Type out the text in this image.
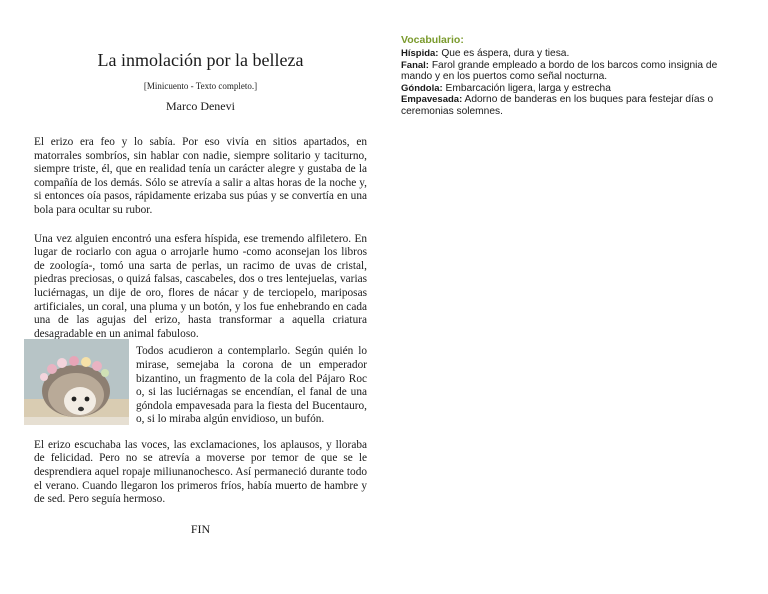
La inmolación por la belleza
[Minicuento - Texto completo.]
Marco Denevi

El erizo era feo y lo sabía. Por eso vivía en sitios apartados, en matorrales sombríos, sin hablar con nadie, siempre solitario y taciturno, siempre triste, él, que en realidad tenía un carácter alegre y gustaba de la compañía de los demás. Sólo se atrevía a salir a altas horas de la noche y, si entonces oía pasos, rápidamente erizaba sus púas y se convertía en una bola para ocultar su rubor.

Una vez alguien encontró una esfera híspida, ese tremendo alfiletero. En lugar de rociarlo con agua o arrojarle humo -como aconsejan los libros de zoología-, tomó una sarta de perlas, un racimo de uvas de cristal, piedras preciosas, o quizá falsas, cascabeles, dos o tres lentejuelas, varias luciérnagas, un dije de oro, flores de nácar y de terciopelo, mariposas artificiales, un coral, una pluma y un botón, y los fue enhebrando en cada una de las agujas del erizo, hasta transformar a aquella criatura desagradable en un animal fabuloso.

Todos acudieron a contemplarlo. Según quién lo mirase, semejaba la corona de un emperador bizantino, un fragmento de la cola del Pájaro Roc o, si las luciérnagas se encendían, el fanal de una góndola empavesada para la fiesta del Bucentauro, o, si lo miraba algún envidioso, un bufón.

El erizo escuchaba las voces, las exclamaciones, los aplausos, y lloraba de felicidad. Pero no se atrevía a moverse por temor de que se le desprendiera aquel ropaje miliunanochesco. Así permaneció durante todo el verano. Cuando llegaron los primeros fríos, había muerto de hambre y de sed. Pero seguía hermoso.

FIN
Vocabulario:

Híspida: Que es áspera, dura y tiesa.

Fanal: Farol grande empleado a bordo de los barcos como insignia de mando y en los puertos como señal nocturna.

Góndola: Embarcación ligera, larga y estrecha

Empavesada: Adorno de banderas en los buques para festejar días o ceremonias solemnes.
